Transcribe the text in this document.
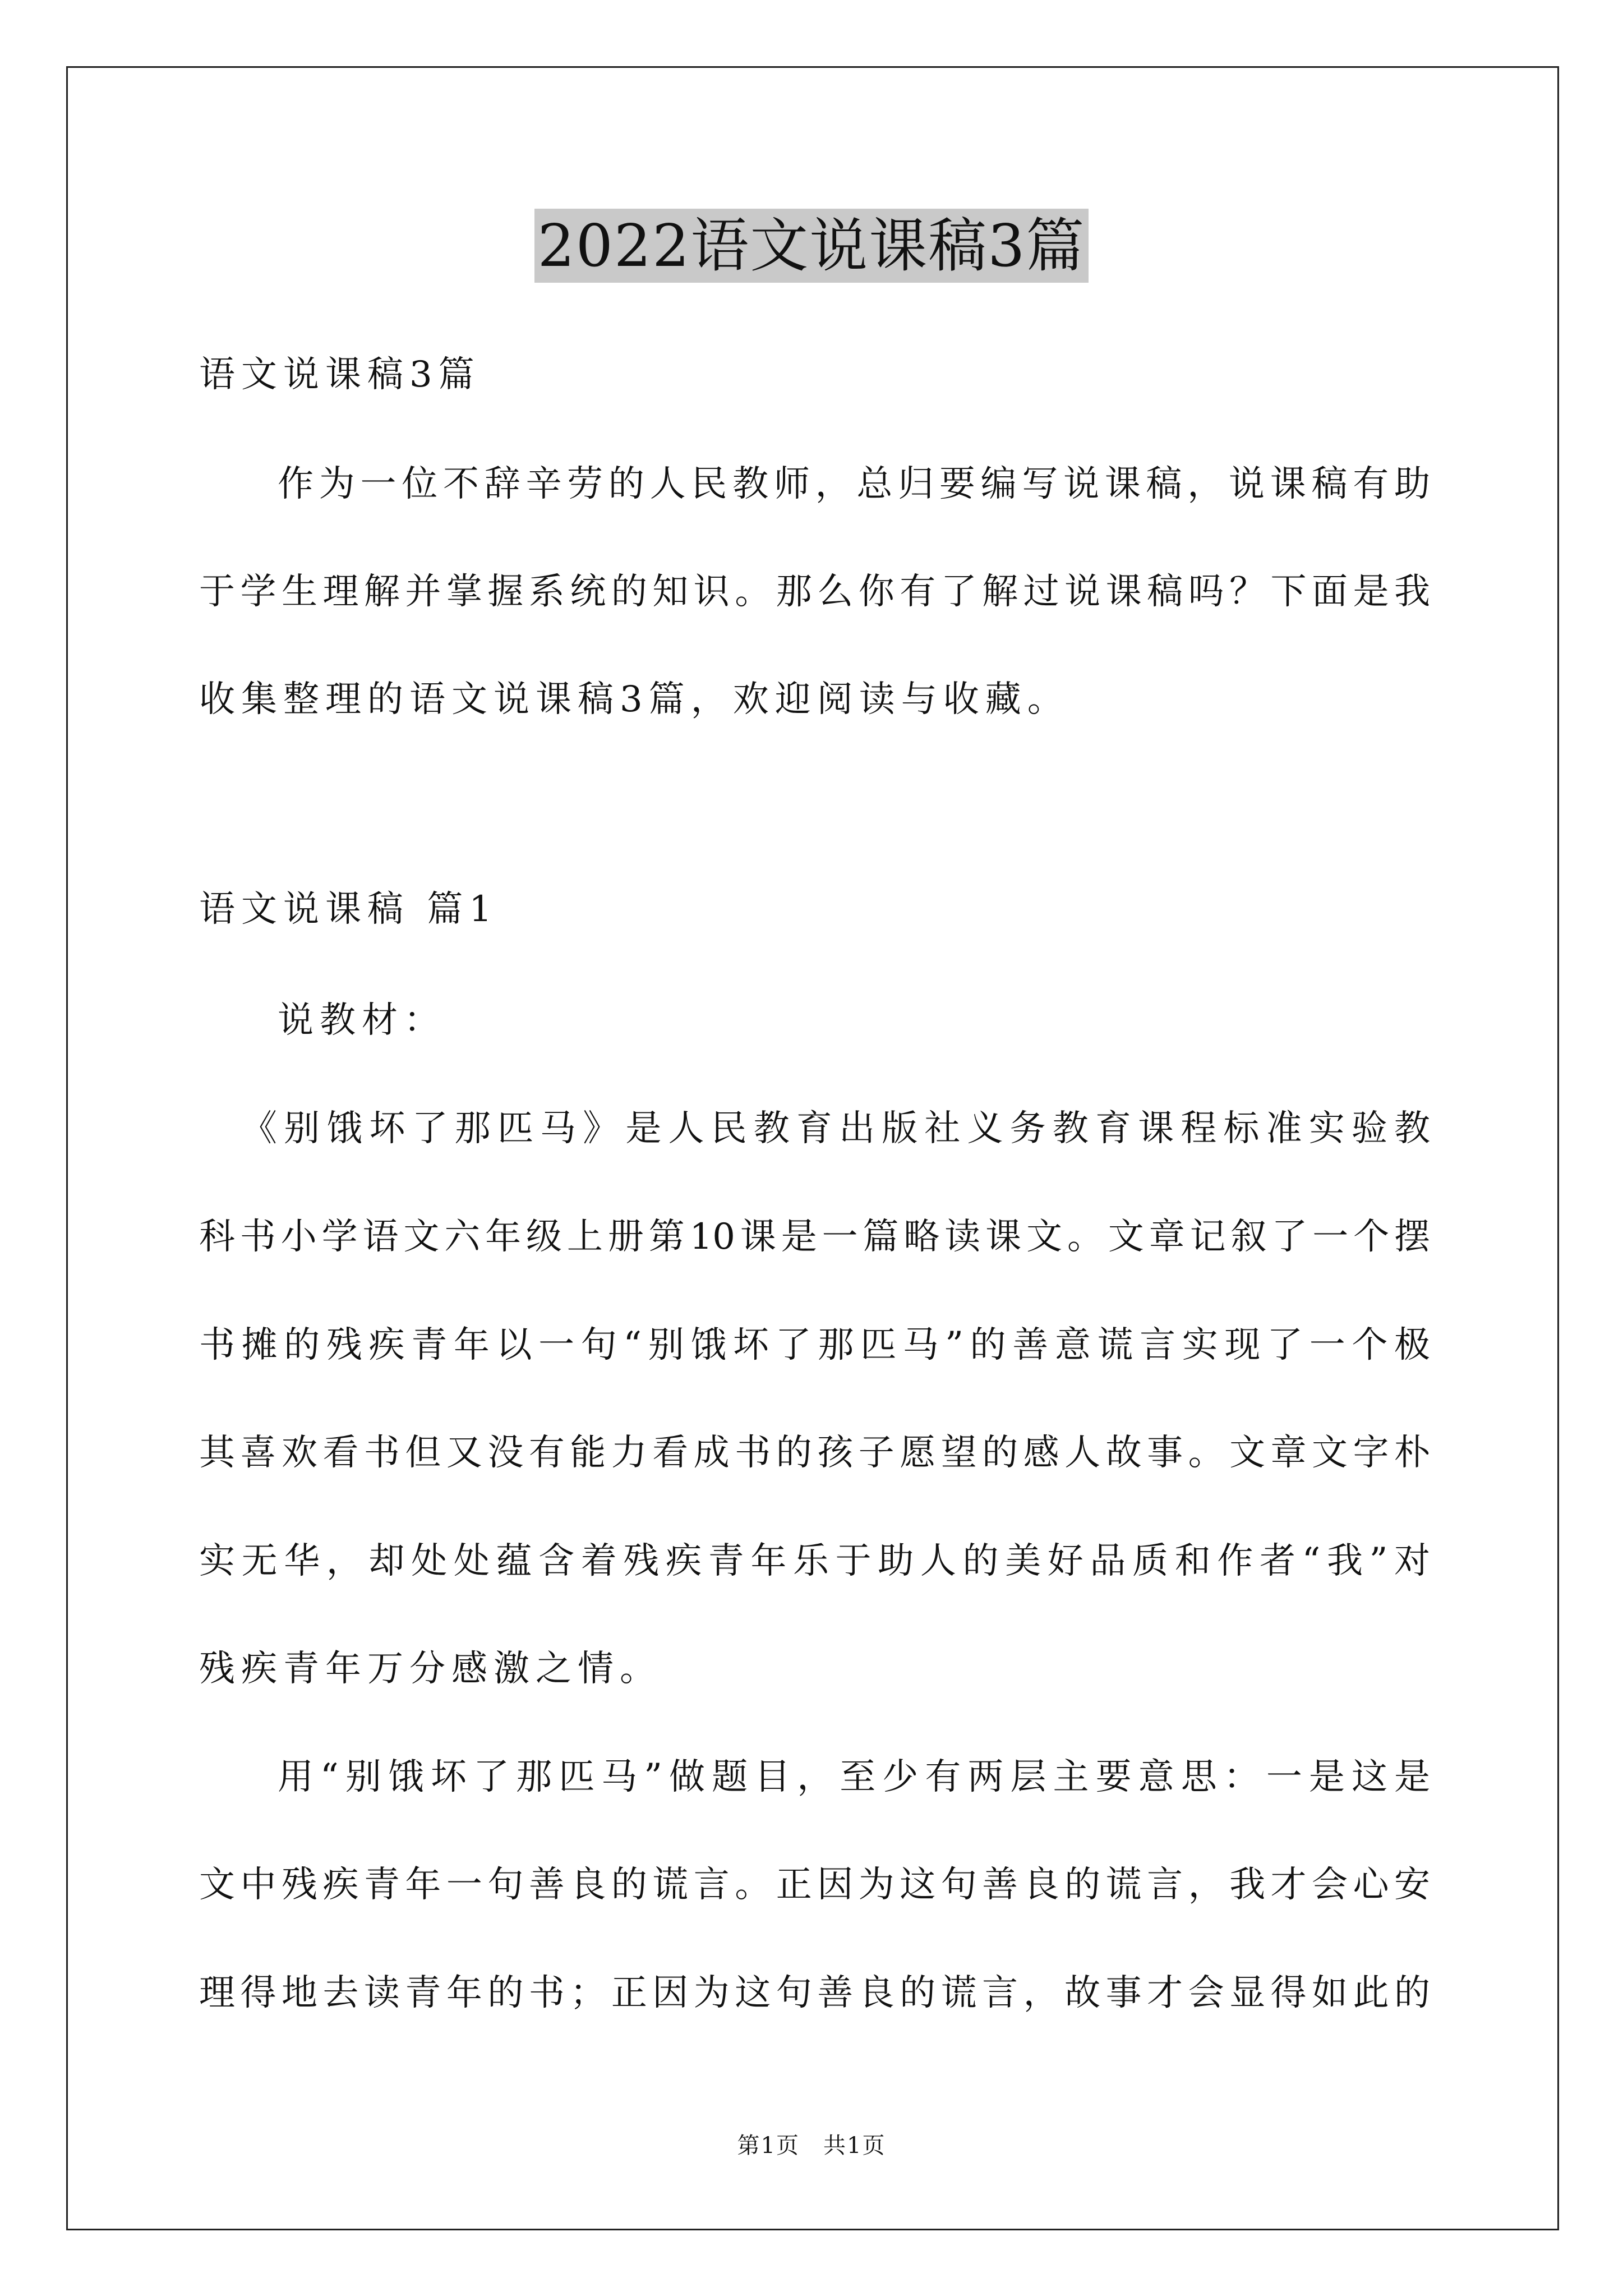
2022语文说课稿3篇
语文说课稿3篇
作为一位不辞辛劳的人民教师，总归要编写说课稿，说课稿有助
于学生理解并掌握系统的知识。那么你有了解过说课稿吗？下面是我
收集整理的语文说课稿3篇，欢迎阅读与收藏。
语文说课稿 篇1
说教材：
《别饿坏了那匹马》是人民教育出版社义务教育课程标准实验教
科书小学语文六年级上册第10课是一篇略读课文。文章记叙了一个摆
书摊的残疾青年以一句“别饿坏了那匹马”的善意谎言实现了一个极
其喜欢看书但又没有能力看成书的孩子愿望的感人故事。文章文字朴
实无华，却处处蕴含着残疾青年乐于助人的美好品质和作者“我”对
残疾青年万分感激之情。
用“别饿坏了那匹马”做题目，至少有两层主要意思：一是这是
文中残疾青年一句善良的谎言。正因为这句善良的谎言，我才会心安
理得地去读青年的书；正因为这句善良的谎言，故事才会显得如此的
第1页　共1页
